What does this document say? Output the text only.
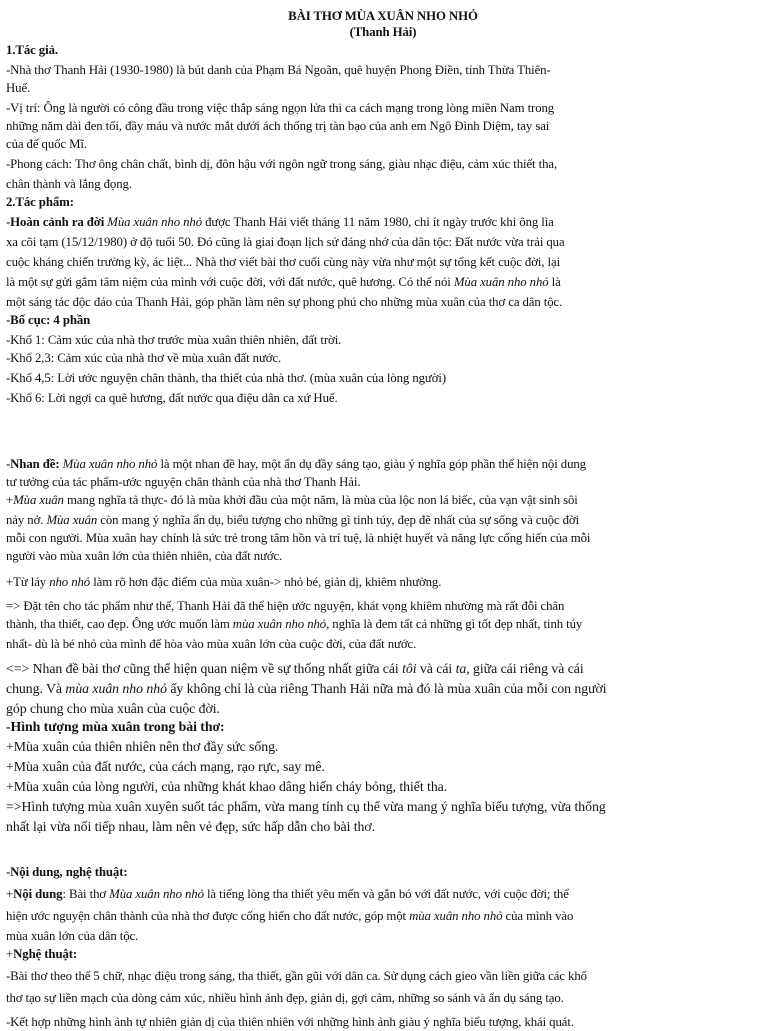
BÀI THƠ MÙA XUÂN NHO NHỎ
(Thanh Hải)
1.Tác giả.
-Nhà thơ Thanh Hải (1930-1980) là bút danh của Phạm Bá Ngoãn, quê huyện Phong Điền, tỉnh Thừa Thiên-
Huế.
-Vị trí: Ông là người có công đầu trong việc thắp sáng ngọn lửa thi ca cách mạng trong lòng miền Nam trong
những năm dài đen tối, đầy máu và nước mắt dưới ách thống trị tàn bạo của anh em Ngô Đình Diệm, tay sai
của đế quốc Mĩ.
-Phong cách: Thơ ông chân chất, bình dị, đôn hậu với ngôn ngữ trong sáng, giàu nhạc điệu, cảm xúc thiết tha,
chân thành và lắng đọng.
2.Tác phẩm:
-Hoàn cảnh ra đời Mùa xuân nho nhỏ được Thanh Hải viết tháng 11 năm 1980, chỉ ít ngày trước khi ông lìa
xa cõi tạm (15/12/1980) ở độ tuổi 50. Đó cũng là giai đoạn lịch sử đáng nhớ của dân tộc: Đất nước vừa trải qua
cuộc kháng chiến trường kỳ, ác liệt... Nhà thơ viết bài thơ cuối cùng này vừa như một sự tổng kết cuộc đời, lại
là một sự gửi gắm tâm niệm của mình với cuộc đời, với đất nước, quê hương. Có thể nói Mùa xuân nho nhỏ là
một sáng tác độc đáo của Thanh Hải, góp phần làm nên sự phong phú cho những mùa xuân của thơ ca dân tộc.
-Bố cục: 4 phần
-Khổ 1: Cảm xúc của nhà thơ trước mùa xuân thiên nhiên, đất trời.
-Khổ 2,3: Cảm xúc của nhà thơ về mùa xuân đất nước.
-Khổ 4,5: Lời ước nguyện chân thành, tha thiết của nhà thơ. (mùa xuân của lòng người)
-Khổ 6: Lời ngợi ca quê hương, đất nước qua điệu dân ca xứ Huế.
-Nhan đề: Mùa xuân nho nhỏ là một nhan đề hay, một ẩn dụ đầy sáng tạo, giàu ý nghĩa góp phần thể hiện nội dung
tư tưởng của tác phẩm-ước nguyện chân thành của nhà thơ Thanh Hải.
+Mùa xuân mang nghĩa tả thực- đó là mùa khởi đầu của một năm, là mùa của lộc non lá biếc, của vạn vật sinh sôi
nảy nở. Mùa xuân còn mang ý nghĩa ẩn dụ, biểu tượng cho những gì tinh túy, đẹp đẽ nhất của sự sống và cuộc đời
mỗi con người. Mùa xuân hay chính là sức trẻ trong tâm hồn và trí tuệ, là nhiệt huyết và năng lực cống hiến của mỗi
người vào mùa xuân lớn của thiên nhiên, của đất nước.
+Từ láy nho nhỏ làm rõ hơn đặc điểm của mùa xuân-> nhỏ bé, giản dị, khiêm nhường.
=> Đặt tên cho tác phẩm như thế, Thanh Hải đã thể hiện ước nguyện, khát vọng khiêm nhường mà rất đỗi chân
thành, tha thiết, cao đẹp. Ông ước muốn làm mùa xuân nho nhỏ, nghĩa là đem tất cả những gì tốt đẹp nhất, tinh túy
nhất- dù là bé nhỏ của mình để hòa vào mùa xuân lớn của cuộc đời, của đất nước.
<=> Nhan đề bài thơ cũng thể hiện quan niệm về sự thống nhất giữa cái tôi và cái ta, giữa cái riêng và cái
chung. Và mùa xuân nho nhỏ ấy không chỉ là của riêng Thanh Hải nữa mà đó là mùa xuân của mỗi con người
góp chung cho mùa xuân của cuộc đời.
-Hình tượng mùa xuân trong bài thơ:
+Mùa xuân của thiên nhiên nên thơ đầy sức sống.
+Mùa xuân của đất nước, của cách mạng, rạo rực, say mê.
+Mùa xuân của lòng người, của những khát khao dâng hiến cháy bỏng, thiết tha.
=>Hình tượng mùa xuân xuyên suốt tác phẩm, vừa mang tính cụ thể vừa mang ý nghĩa biểu tượng, vừa thống
nhất lại vừa nối tiếp nhau, làm nên vẻ đẹp, sức hấp dẫn cho bài thơ.
-Nội dung, nghệ thuật:
+Nội dung: Bài thơ Mùa xuân nho nhỏ là tiếng lòng tha thiết yêu mến và gắn bó với đất nước, với cuộc đời; thể
hiện ước nguyện chân thành của nhà thơ được cống hiến cho đất nước, góp một mùa xuân nho nhỏ của mình vào
mùa xuân lớn của dân tộc.
+Nghệ thuật:
-Bài thơ theo thể 5 chữ, nhạc điệu trong sáng, tha thiết, gần gũi với dân ca. Sử dụng cách gieo vần liền giữa các khổ
thơ tạo sự liền mạch của dòng cảm xúc, nhiều hình ảnh đẹp, giản dị, gợi cảm, những so sánh và ẩn dụ sáng tạo.
-Kết hợp những hình ảnh tự nhiên giản dị của thiên nhiên với những hình ảnh giàu ý nghĩa biểu tượng, khái quát.
